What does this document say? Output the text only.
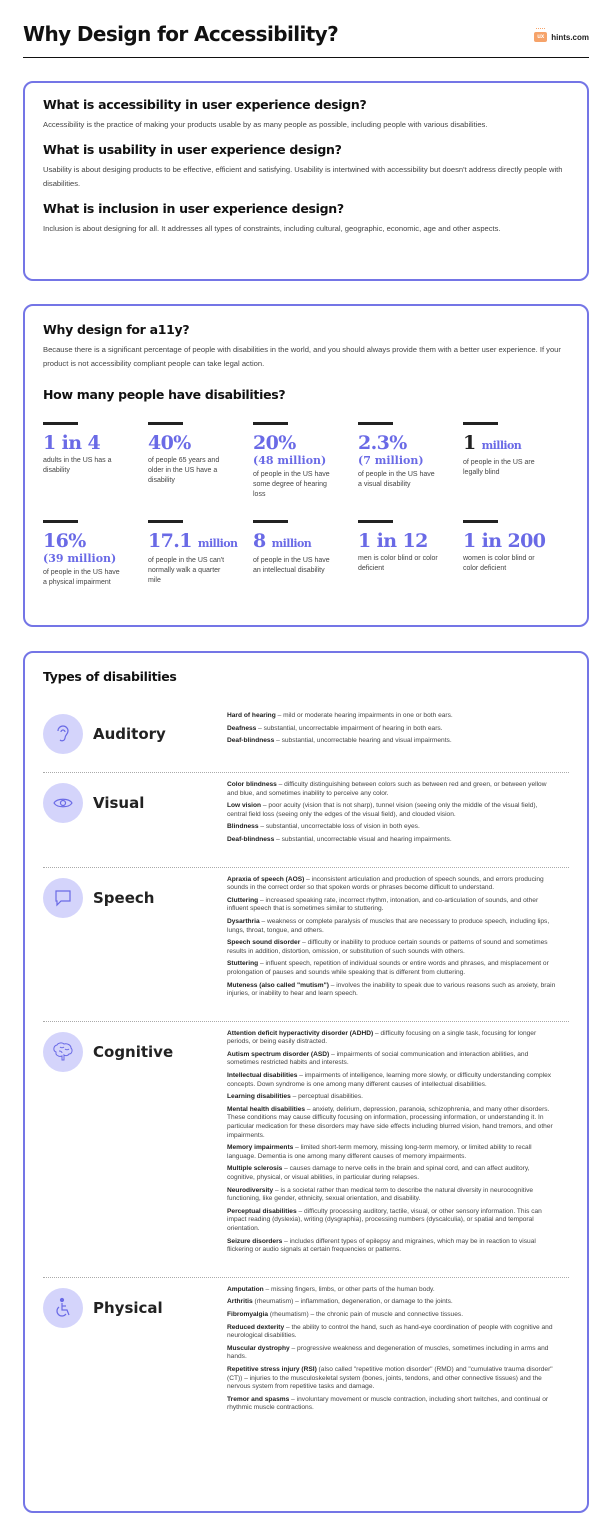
Why Design for Accessibility?	ux hints.com
What is accessibility in user experience design?

Accessibility is the practice of making your products usable by as many people as possible, including people with various disabilities.

What is usability in user experience design?

Usability is about desiging products to be effective, efficient and satisfying. Usability is intertwined with accessibility but doesn't address directly people with disabilities.

What is inclusion in user experience design?

Inclusion is about designing for all. It addresses all types of constraints, including cultural, geographic, economic, age and other aspects.

Why design for a11y?

Because there is a significant percentage of people with disabilities in the world, and you should always provide them with a better user experience. If your product is not accessibility compliant people can take legal action.

How many people have disabilities?
1 in 4
adults in the US has a disability
40%
of people 65 years and older in the US have a disability
20%
(48 million)
of people in the US have some degree of hearing loss
2.3%
(7 million)
of people in the US have a visual disability
1 million
of people in the US are legally blind
16%
(39 million)
of people in the US have a physical impairment
17.1 million
of people in the US can't normally walk a quarter mile
8 million
of people in the US have an intellectual disability
1 in 12
men is color blind or color deficient
1 in 200
women is color blind or color deficient
Types of disabilities
Auditory
Hard of hearing – mild or moderate hearing impairments in one or both ears.
Deafness – substantial, uncorrectable impairment of hearing in both ears.
Deaf-blindness – substantial, uncorrectable hearing and visual impairments.
Visual
Color blindness – difficulty distinguishing between colors such as between red and green, or between yellow and blue, and sometimes inability to perceive any color.
Low vision – poor acuity (vision that is not sharp), tunnel vision (seeing only the middle of the visual field), central field loss (seeing only the edges of the visual field), and clouded vision.
Blindness – substantial, uncorrectable loss of vision in both eyes.
Deaf-blindness – substantial, uncorrectable visual and hearing impairments.
Speech
Apraxia of speech (AOS) – inconsistent articulation and production of speech sounds, and errors producing sounds in the correct order so that spoken words or phrases become difficult to understand.
Cluttering – increased speaking rate, incorrect rhythm, intonation, and co-articulation of sounds, and other influent speech that is sometimes similar to stuttering.
Dysarthria – weakness or complete paralysis of muscles that are necessary to produce speech, including lips, lungs, throat, tongue, and others.
Speech sound disorder – difficulty or inability to produce certain sounds or patterns of sound and sometimes results in addition, distortion, omission, or substitution of such sounds with others.
Stuttering – influent speech, repetition of individual sounds or entire words and phrases, and misplacement or prolongation of pauses and sounds while speaking that is different from cluttering.
Muteness (also called "mutism") – involves the inability to speak due to various reasons such as anxiety, brain injuries, or inability to hear and learn speech.
Cognitive
Attention deficit hyperactivity disorder (ADHD) – difficulty focusing on a single task, focusing for longer periods, or being easily distracted.
Autism spectrum disorder (ASD) – impairments of social communication and interaction abilities, and sometimes restricted habits and interests.
Intellectual disabilities – impairments of intelligence, learning more slowly, or difficulty understanding complex concepts. Down syndrome is one among many different causes of intellectual disabilities.
Learning disabilities – perceptual disabilities.
Mental health disabilities – anxiety, delirium, depression, paranoia, schizophrenia, and many other disorders. These conditions may cause difficulty focusing on information, processing information, or understanding it. In particular medication for these disorders may have side effects including blurred vision, hand tremors, and other impairments.
Memory impairments – limited short-term memory, missing long-term memory, or limited ability to recall language. Dementia is one among many different causes of memory impairments.
Multiple sclerosis – causes damage to nerve cells in the brain and spinal cord, and can affect auditory, cognitive, physical, or visual abilities, in particular during relapses.
Neurodiversity – is a societal rather than medical term to describe the natural diversity in neurocognitive functioning, like gender, ethnicity, sexual orientation, and disability.
Perceptual disabilities – difficulty processing auditory, tactile, visual, or other sensory information. This can impact reading (dyslexia), writing (dysgraphia), processing numbers (dyscalculia), or spatial and temporal orientation.
Seizure disorders – includes different types of epilepsy and migraines, which may be in reaction to visual flickering or audio signals at certain frequencies or patterns.
Physical
Amputation – missing fingers, limbs, or other parts of the human body.
Arthritis (rheumatism) – inflammation, degeneration, or damage to the joints.
Fibromyalgia (rheumatism) – the chronic pain of muscle and connective tissues.
Reduced dexterity – the ability to control the hand, such as hand-eye coordination of people with cognitive and neurological disabilities.
Muscular dystrophy – progressive weakness and degeneration of muscles, sometimes including in arms and hands.
Repetitive stress injury (RSI) (also called "repetitive motion disorder" (RMD) and "cumulative trauma disorder" (CT)) – injuries to the musculoskeletal system (bones, joints, tendons, and other connective tissues) and the nervous system from repetitive tasks and damage.
Tremor and spasms – involuntary movement or muscle contraction, including short twitches, and continual or rhythmic muscle contractions.
